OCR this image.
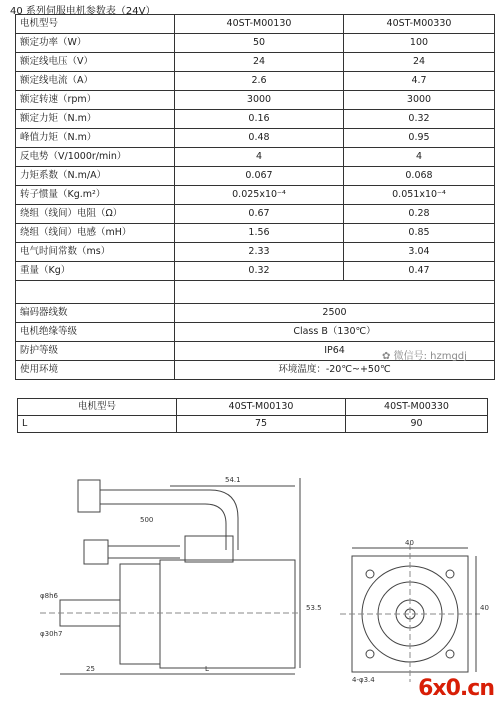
40 系列伺服电机参数表（24V）
电机型号	40ST-M00130	40ST-M00330
额定功率（W）	50	100
额定线电压（V）	24	24
额定线电流（A）	2.6	4.7
额定转速（rpm）	3000	3000
额定力矩（N.m）	0.16	0.32
峰值力矩（N.m）	0.48	0.95
反电势（V/1000r/min）	4	4
力矩系数（N.m/A）	0.067	0.068
转子惯量（Kg.m²）	0.025x10⁻⁴	0.051x10⁻⁴
绕组（线间）电阻（Ω）	0.67	0.28
绕组（线间）电感（mH）	1.56	0.85
电气时间常数（ms）	2.33	3.04
重量（Kg）	0.32	0.47

编码器线数	2500	
电机绝缘等级	Class B（130℃）	
防护等级	IP64	
使用环境	环境温度：-20℃~+50℃	
电机型号	40ST-M00130	40ST-M00330
L	75	90
✿ 微信号: hzmgdj
54.1
500
53.5
25	L
40
40
4-φ3.4
φ8h6
φ30h7
6x0.cn
